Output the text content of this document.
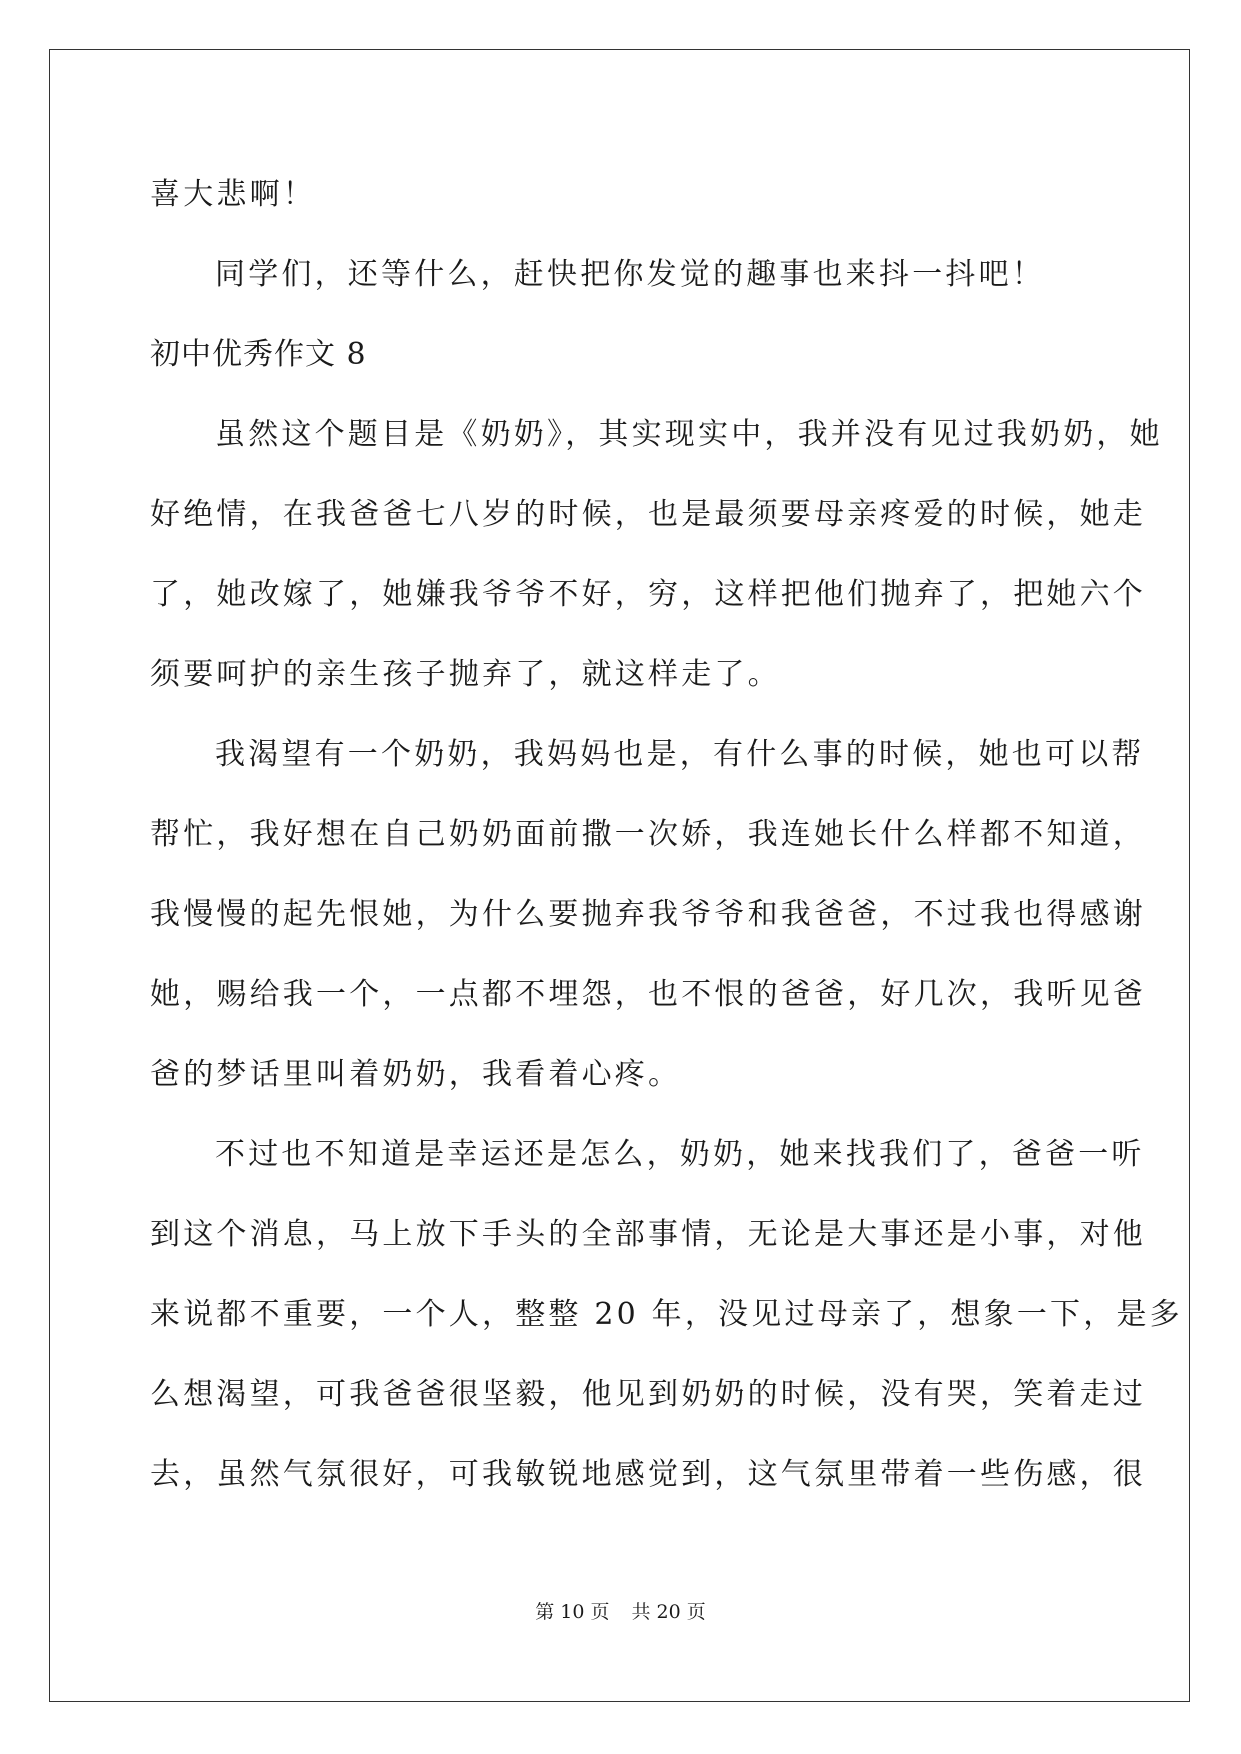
喜大悲啊！
同学们，还等什么，赶快把你发觉的趣事也来抖一抖吧！
初中优秀作文 8
虽然这个题目是《奶奶》，其实现实中，我并没有见过我奶奶，她
好绝情，在我爸爸七八岁的时候，也是最须要母亲疼爱的时候，她走
了，她改嫁了，她嫌我爷爷不好，穷，这样把他们抛弃了，把她六个
须要呵护的亲生孩子抛弃了，就这样走了。
我渴望有一个奶奶，我妈妈也是，有什么事的时候，她也可以帮
帮忙，我好想在自己奶奶面前撒一次娇，我连她长什么样都不知道，
我慢慢的起先恨她，为什么要抛弃我爷爷和我爸爸，不过我也得感谢
她，赐给我一个，一点都不埋怨，也不恨的爸爸，好几次，我听见爸
爸的梦话里叫着奶奶，我看着心疼。
不过也不知道是幸运还是怎么，奶奶，她来找我们了，爸爸一听
到这个消息，马上放下手头的全部事情，无论是大事还是小事，对他
来说都不重要，一个人，整整 20 年，没见过母亲了，想象一下，是多
么想渴望，可我爸爸很坚毅，他见到奶奶的时候，没有哭，笑着走过
去，虽然气氛很好，可我敏锐地感觉到，这气氛里带着一些伤感，很
第 10 页 共 20 页
